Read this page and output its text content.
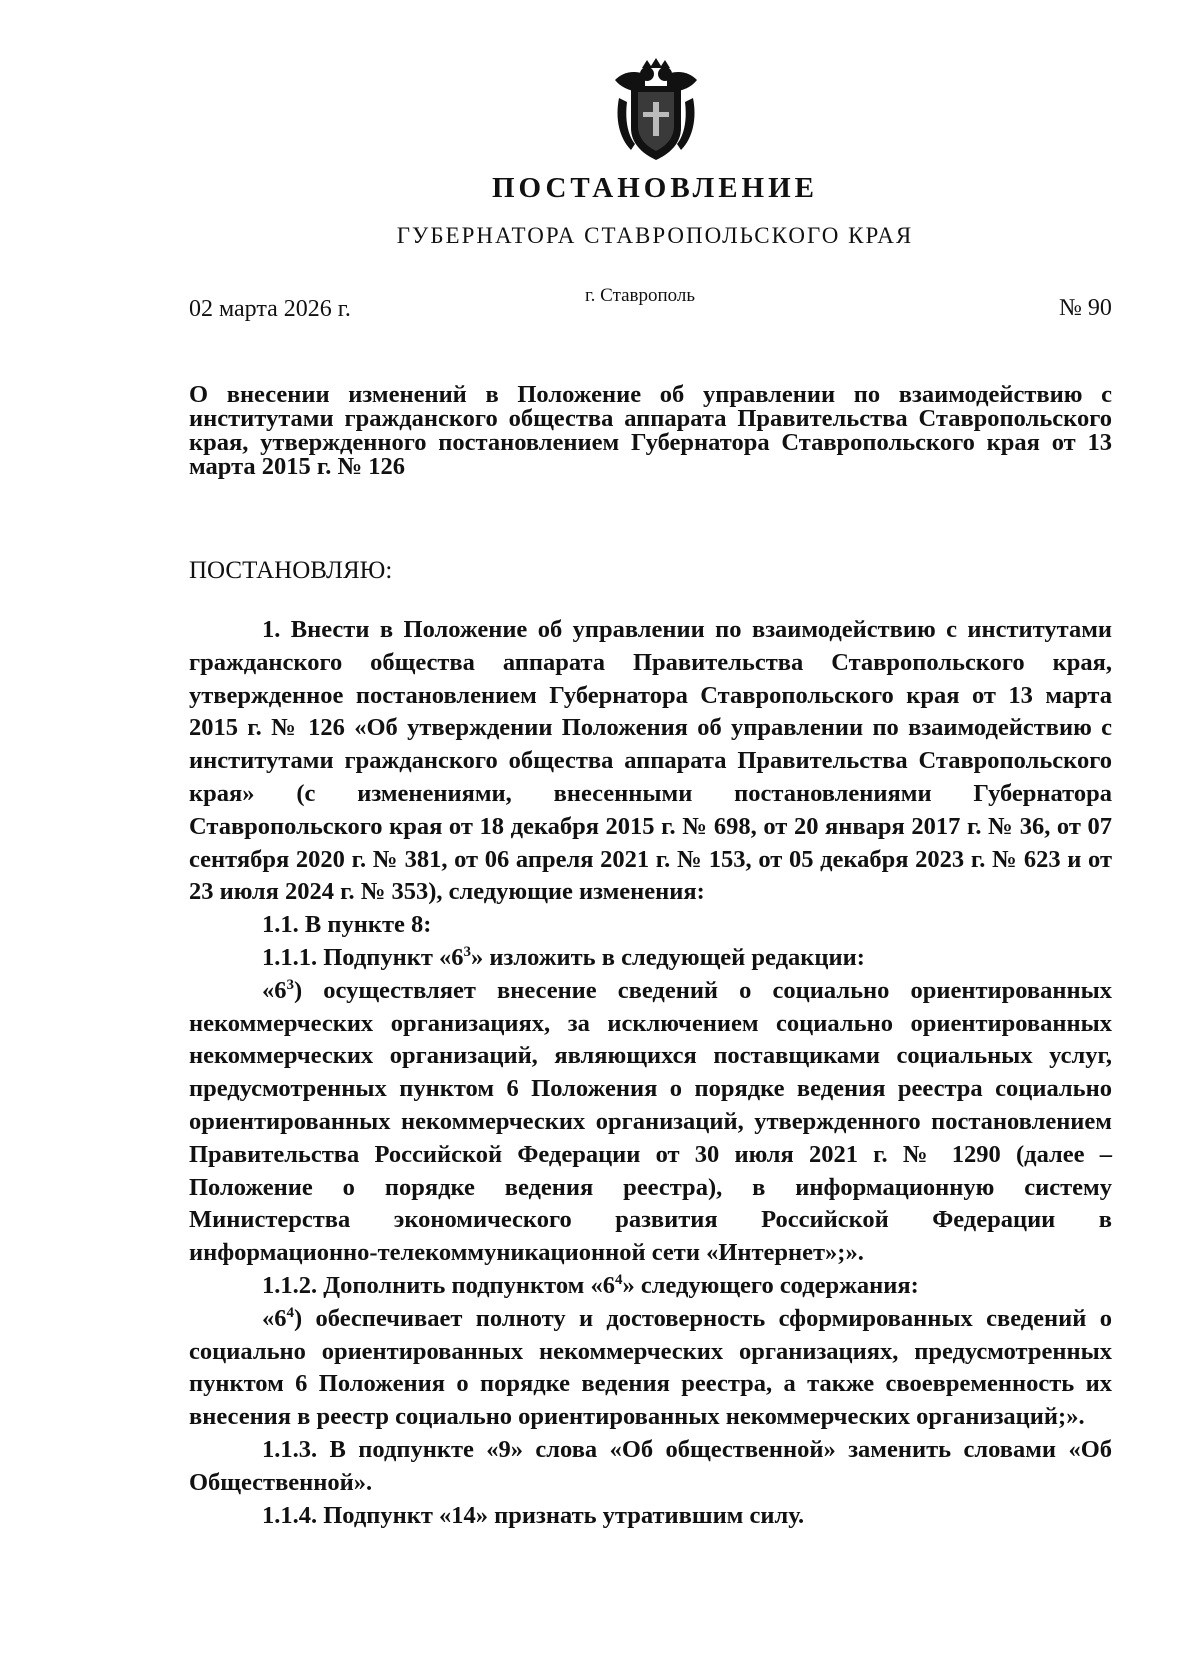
ПОСТАНОВЛЕНИЕ
ГУБЕРНАТОРА СТАВРОПОЛЬСКОГО КРАЯ
02 марта 2026 г.
г. Ставрополь	№ 90
О внесении изменений в Положение об управлении по взаимодействию с институтами гражданского общества аппарата Правительства Ставропольского края, утвержденного постановлением Губернатора Ставропольского края от 13 марта 2015 г. № 126
ПОСТАНОВЛЯЮ:

1. Внести в Положение об управлении по взаимодействию с институтами гражданского общества аппарата Правительства Ставропольского края, утвержденное постановлением Губернатора Ставропольского края от 13 марта 2015 г. № 126 «Об утверждении Положения об управлении по взаимодействию с институтами гражданского общества аппарата Правительства Ставропольского края» (с изменениями, внесенными постановлениями Губернатора Ставропольского края от 18 декабря 2015 г. № 698, от 20 января 2017 г. № 36, от 07 сентября 2020 г. № 381, от 06 апреля 2021 г. № 153, от 05 декабря 2023 г. № 623 и от 23 июля 2024 г. № 353), следующие изменения:

1.1. В пункте 8:

1.1.1. Подпункт «$6^3$» изложить в следующей редакции:

«$6^3$) осуществляет внесение сведений о социально ориентированных некоммерческих организациях, за исключением социально ориентированных некоммерческих организаций, являющихся поставщиками социальных услуг, предусмотренных пунктом 6 Положения о порядке ведения реестра социально ориентированных некоммерческих организаций, утвержденного постановлением Правительства Российской Федерации от 30 июля 2021 г. № 1290 (далее – Положение о порядке ведения реестра), в информационную систему Министерства экономического развития Российской Федерации в информационно-телекоммуникационной сети «Интернет»;».

1.1.2. Дополнить подпунктом «$6^4$» следующего содержания:

«$6^4$) обеспечивает полноту и достоверность сформированных сведений о социально ориентированных некоммерческих организациях, предусмотренных пунктом 6 Положения о порядке ведения реестра, а также своевременность их внесения в реестр социально ориентированных некоммерческих организаций;».

1.1.3. В подпункте «9» слова «Об общественной» заменить словами «Об Общественной».

1.1.4. Подпункт «14» признать утратившим силу.
